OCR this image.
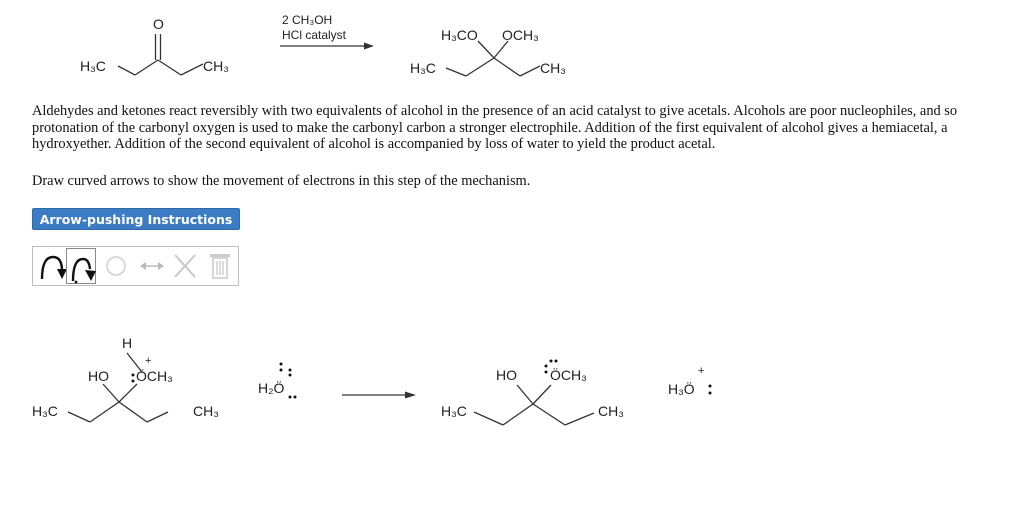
O
H₃C	CH₃
2 CH₃OH
HCl catalyst	H₃CO OCH₃
H₃C	CH₃
Aldehydes and ketones react reversibly with two equivalents of alcohol in the presence of an acid catalyst to give acetals. Alcohols are poor nucleophiles, and so protonation of the carbonyl oxygen is used to make the carbonyl carbon a stronger electrophile. Addition of the first equivalent of alcohol gives a hemiacetal, a hydroxyether. Addition of the second equivalent of alcohol is accompanied by loss of water to yield the product acetal.
Draw curved arrows to show the movement of electrons in this step of the mechanism.
Arrow-pushing Instructions
H
+
HO ÖCH₃
H₃C	CH₃
H₂Ö
HO ÖCH₃
H₃C	CH₃
+
H₃Ö
